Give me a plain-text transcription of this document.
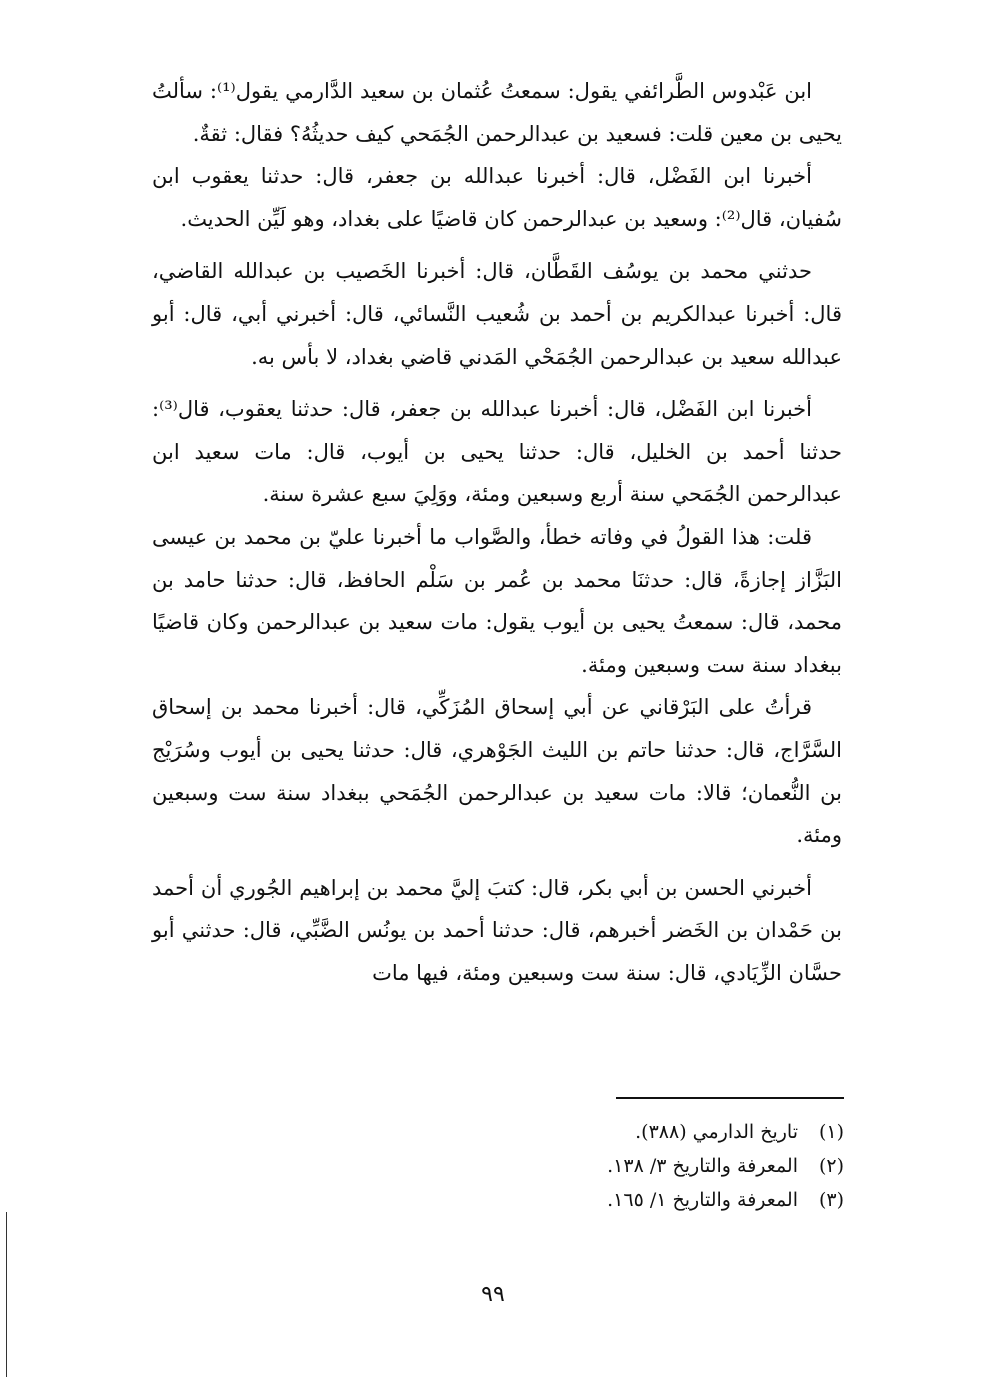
ابن عَبْدوس الطَّرائفي يقول: سمعتُ عُثمان بن سعيد الدَّارمي يقول⁽¹⁾: سألتُ يحيى بن معين قلت: فسعيد بن عبدالرحمن الجُمَحي كيف حديثُهُ؟ فقال: ثقةٌ.

أخبرنا ابن الفَضْل، قال: أخبرنا عبدالله بن جعفر، قال: حدثنا يعقوب ابن سُفيان، قال⁽²⁾: وسعيد بن عبدالرحمن كان قاضيًا على بغداد، وهو لَيِّن الحديث.

حدثني محمد بن يوسُف القَطَّان، قال: أخبرنا الخَصيب بن عبدالله القاضي، قال: أخبرنا عبدالكريم بن أحمد بن شُعيب النَّسائي، قال: أخبرني أبي، قال: أبو عبدالله سعيد بن عبدالرحمن الجُمَحْي المَدني قاضي بغداد، لا بأس به.

أخبرنا ابن الفَضْل، قال: أخبرنا عبدالله بن جعفر، قال: حدثنا يعقوب، قال⁽³⁾: حدثنا أحمد بن الخليل، قال: حدثنا يحيى بن أيوب، قال: مات سعيد ابن عبدالرحمن الجُمَحي سنة أربع وسبعين ومئة، ووَلِيَ سبع عشرة سنة.

قلت: هذا القولُ في وفاته خطأ، والصَّواب ما أخبرنا عليّ بن محمد بن عيسى البَزَّاز إجازةً، قال: حدثنَا محمد بن عُمر بن سَلْم الحافظ، قال: حدثنا حامد بن محمد، قال: سمعتُ يحيى بن أيوب يقول: مات سعيد بن عبدالرحمن وكان قاضيًا ببغداد سنة ست وسبعين ومئة.

قرأتُ على البَرْقاني عن أبي إسحاق المُزَكِّي، قال: أخبرنا محمد بن إسحاق السَّرَّاج، قال: حدثنا حاتم بن الليث الجَوْهري، قال: حدثنا يحيى بن أيوب وسُرَيْج بن النُّعمان؛ قالا: مات سعيد بن عبدالرحمن الجُمَحي ببغداد سنة ست وسبعين ومئة.

أخبرني الحسن بن أبي بكر، قال: كتبَ إليَّ محمد بن إبراهيم الجُوري أن أحمد بن حَمْدان بن الخَضر أخبرهم، قال: حدثنا أحمد بن يونُس الضَّبِّي، قال: حدثني أبو حسَّان الزِّيَادي، قال: سنة ست وسبعين ومئة، فيها مات

(١)تاريخ الدارمي (٣٨٨).

(٢)المعرفة والتاريخ ٣/ ١٣٨.

(٣)المعرفة والتاريخ ١/ ١٦٥.

٩٩
